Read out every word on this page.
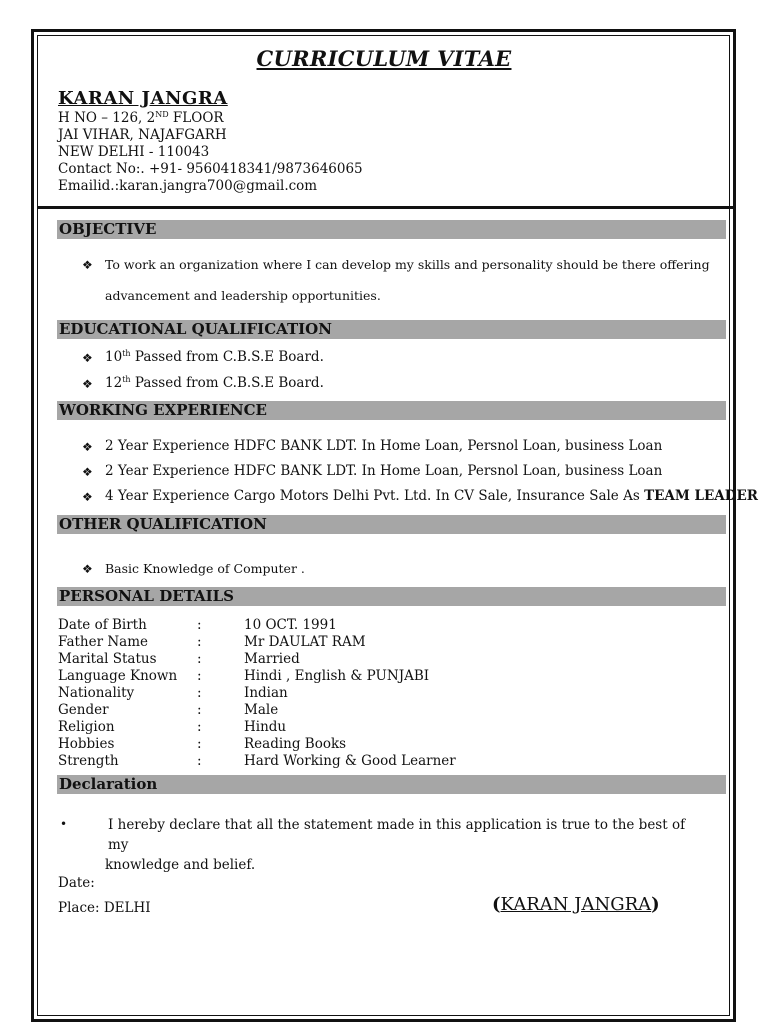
CURRICULUM VITAE
KARAN JANGRA
H NO – 126, 2ND FLOOR
JAI VIHAR, NAJAFGARH
NEW DELHI - 110043
Contact No:. +91- 9560418341/9873646065
Emailid.:karan.jangra700@gmail.com
OBJECTIVE
❖ To work an organization where I can develop my skills and personality should be there offering
advancement and leadership opportunities.
EDUCATIONAL QUALIFICATION
❖ 10th Passed from C.B.S.E Board.
❖ 12th Passed from C.B.S.E Board.
WORKING EXPERIENCE
❖ 2 Year Experience HDFC BANK LDT. In Home Loan, Persnol Loan, business Loan
❖ 2 Year Experience HDFC BANK LDT. In Home Loan, Persnol Loan, business Loan
❖ 4 Year Experience Cargo Motors Delhi Pvt. Ltd. In CV Sale, Insurance Sale As TEAM LEADER
OTHER QUALIFICATION
❖ Basic Knowledge of Computer .
PERSONAL DETAILS
Date of Birth	:	10 OCT. 1991
Father Name	:	Mr DAULAT RAM
Marital Status	:	Married
Language Known :	Hindi , English & PUNJABI
Nationality	:	Indian
Gender	:	Male
Religion	:	Hindu
Hobbies	:	Reading Books
Strength	:	Hard Working & Good Learner
Declaration
•	I hereby declare that all the statement made in this application is true to the best of my
knowledge and belief.
Date:
Place: DELHI	(KARAN JANGRA)
